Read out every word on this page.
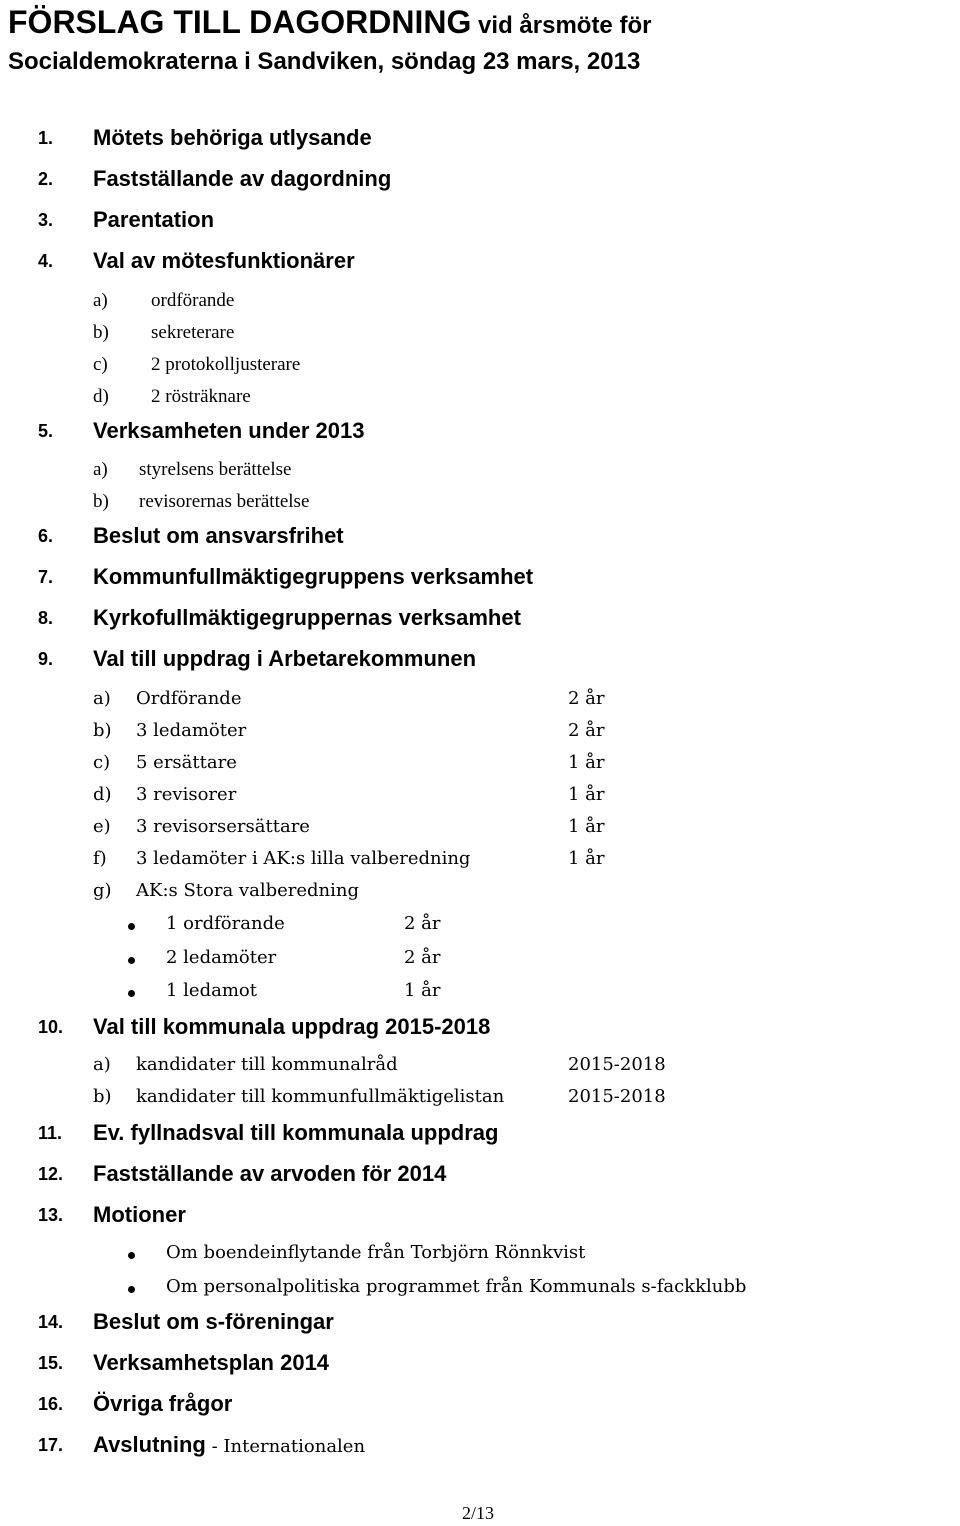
FÖRSLAG TILL DAGORDNING vid årsmöte för
Socialdemokraterna i Sandviken, söndag 23 mars, 2013
1. Mötets behöriga utlysande
2. Fastställande av dagordning
3. Parentation
4. Val av mötesfunktionärer
a) ordförande
b) sekreterare
c) 2 protokolljusterare
d) 2 rösträknare
5. Verksamheten under 2013
a) styrelsens berättelse
b) revisorernas berättelse
6. Beslut om ansvarsfrihet
7. Kommunfullmäktigegruppens verksamhet
8. Kyrkofullmäktigegruppernas verksamhet
9. Val till uppdrag i Arbetarekommunen
a) Ordförande	2 år
b) 3 ledamöter	2 år
c) 5 ersättare	1 år
d) 3 revisorer	1 år
e) 3 revisorsersättare	1 år
f) 3 ledamöter i AK:s lilla valberedning	1 år
g) AK:s Stora valberedning
1 ordförande	2 år
2 ledamöter	2 år
1 ledamot	1 år
10. Val till kommunala uppdrag 2015-2018
a) kandidater till kommunalråd	2015-2018
b) kandidater till kommunfullmäktigelistan	2015-2018
11. Ev. fyllnadsval till kommunala uppdrag
12. Fastställande av arvoden för 2014
13. Motioner
Om boendeinflytande från Torbjörn Rönnkvist
Om personalpolitiska programmet från Kommunals s-fackklubb
14. Beslut om s-föreningar
15. Verksamhetsplan 2014
16. Övriga frågor
17. Avslutning - Internationalen
2/13
